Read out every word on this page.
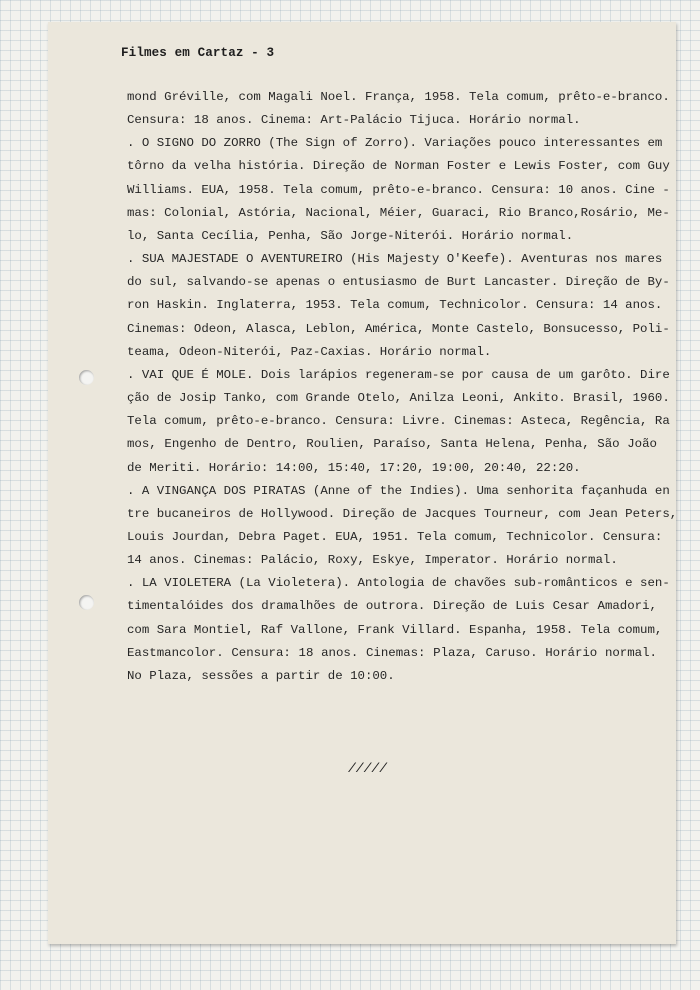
Filmes em Cartaz - 3
mond Gréville, com Magali Noel. França, 1958. Tela comum, prêto-e-branco.
Censura: 18 anos. Cinema: Art-Palácio Tijuca. Horário normal.
. O SIGNO DO ZORRO (The Sign of Zorro). Variações pouco interessantes em
tôrno da velha história. Direção de Norman Foster e Lewis Foster, com Guy
Williams. EUA, 1958. Tela comum, prêto-e-branco. Censura: 10 anos. Cine -
mas: Colonial, Astória, Nacional, Méier, Guaraci, Rio Branco,Rosário, Me-
lo, Santa Cecília, Penha, São Jorge-Niterói. Horário normal.
. SUA MAJESTADE O AVENTUREIRO (His Majesty O'Keefe). Aventuras nos mares
do sul, salvando-se apenas o entusiasmo de Burt Lancaster. Direção de By-
ron Haskin. Inglaterra, 1953. Tela comum, Technicolor. Censura: 14 anos.
Cinemas: Odeon, Alasca, Leblon, América, Monte Castelo, Bonsucesso, Poli-
teama, Odeon-Niterói, Paz-Caxias. Horário normal.
. VAI QUE É MOLE. Dois larápios regeneram-se por causa de um garôto. Dire
ção de Josip Tanko, com Grande Otelo, Anilza Leoni, Ankito. Brasil, 1960.
Tela comum, prêto-e-branco. Censura: Livre. Cinemas: Asteca, Regência, Ra
mos, Engenho de Dentro, Roulien, Paraíso, Santa Helena, Penha, São João
de Meriti. Horário: 14:00, 15:40, 17:20, 19:00, 20:40, 22:20.
. A VINGANÇA DOS PIRATAS (Anne of the Indies). Uma senhorita façanhuda en
tre bucaneiros de Hollywood. Direção de Jacques Tourneur, com Jean Peters,
Louis Jourdan, Debra Paget. EUA, 1951. Tela comum, Technicolor. Censura:
14 anos. Cinemas: Palácio, Roxy, Eskye, Imperator. Horário normal.
. LA VIOLETERA (La Violetera). Antologia de chavões sub-românticos e sen-
timentalóides dos dramalhões de outrora. Direção de Luis Cesar Amadori,
com Sara Montiel, Raf Vallone, Frank Villard. Espanha, 1958. Tela comum,
Eastmancolor. Censura: 18 anos. Cinemas: Plaza, Caruso. Horário normal.
No Plaza, sessões a partir de 10:00.
/////
